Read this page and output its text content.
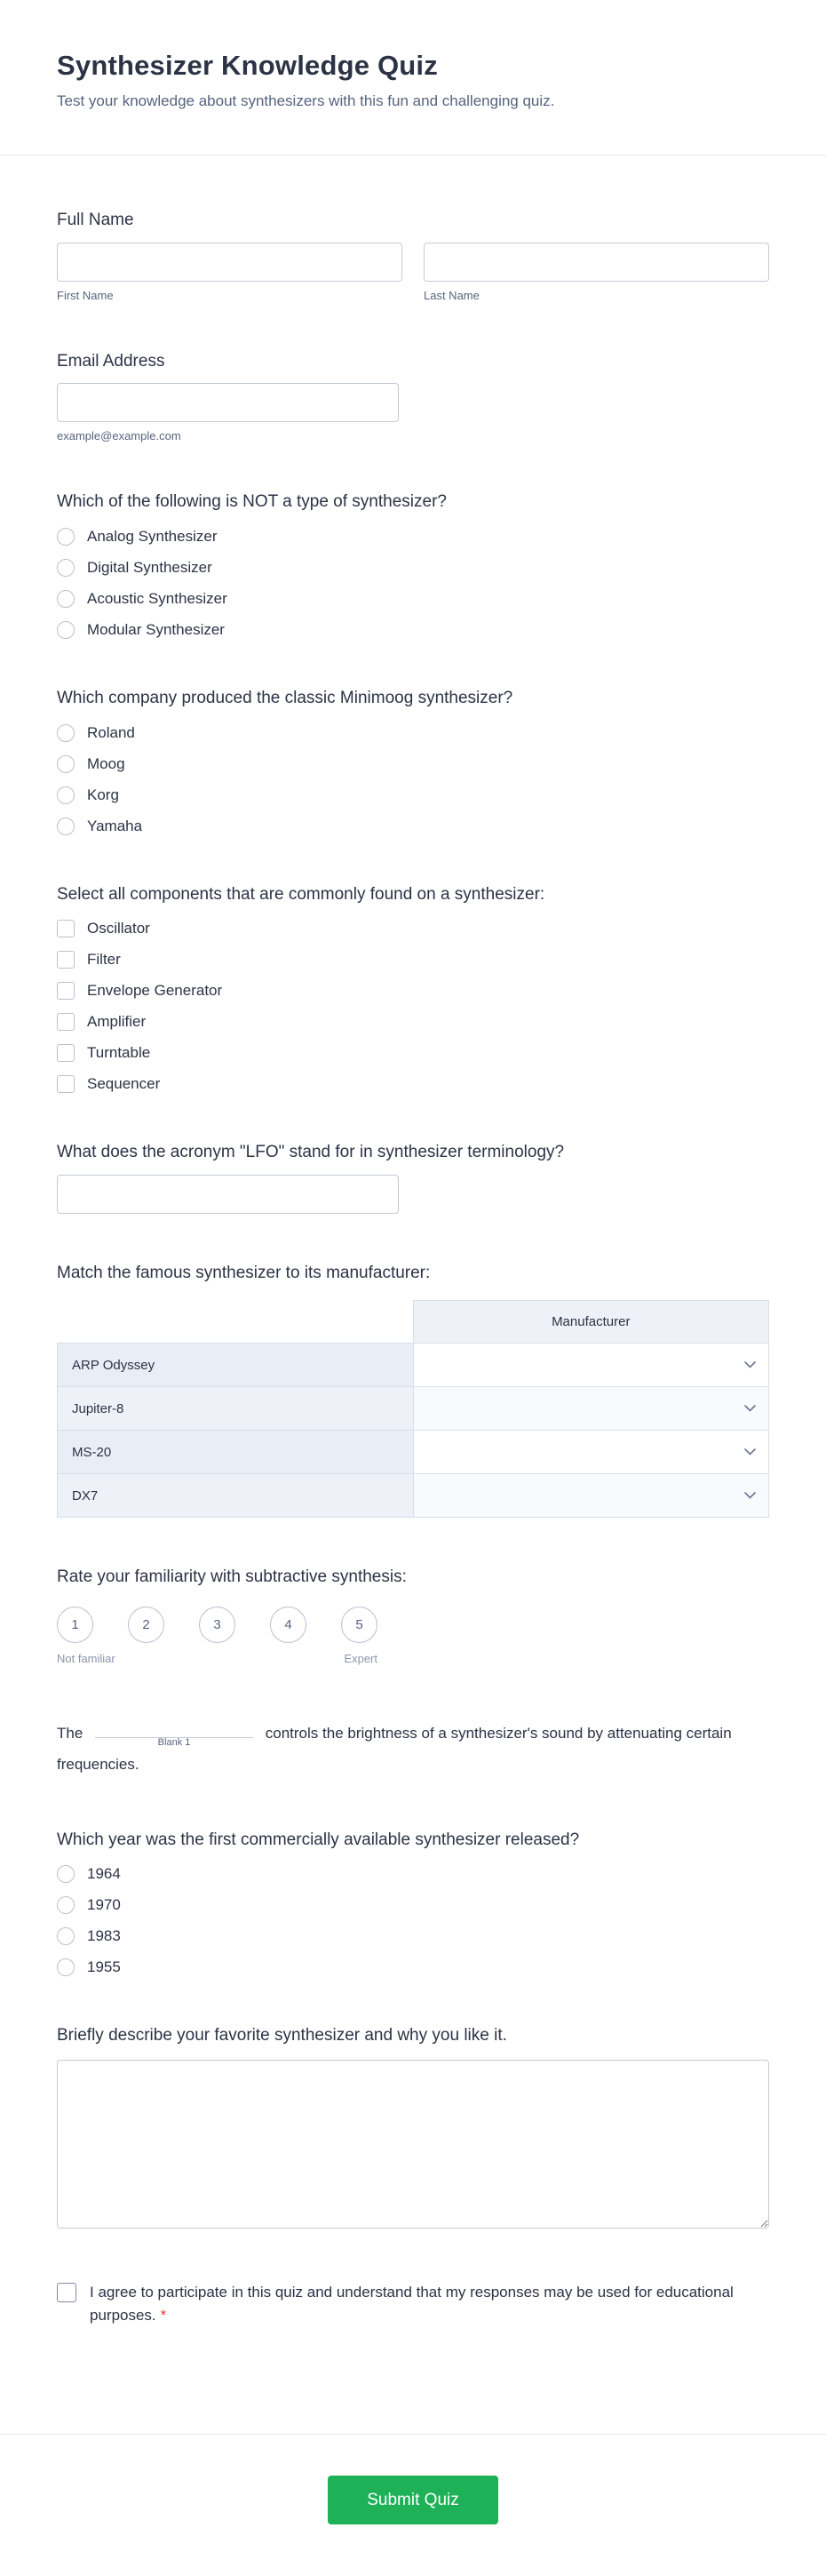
Synthesizer Knowledge Quiz

Test your knowledge about synthesizers with this fun and challenging quiz.

Full Name
First Name	Last Name
Email Address
example@example.com
Which of the following is NOT a type of synthesizer?
Analog Synthesizer
Digital Synthesizer
Acoustic Synthesizer
Modular Synthesizer
Which company produced the classic Minimoog synthesizer?
Roland
Moog
Korg
Yamaha
Select all components that are commonly found on a synthesizer:
Oscillator
Filter
Envelope Generator
Amplifier
Turntable
Sequencer
What does the acronym "LFO" stand for in synthesizer terminology?
Match the famous synthesizer to its manufacturer:
	Manufacturer
ARP Odyssey	

Jupiter-8	

MS-20	

DX7	
Rate your familiarity with subtractive synthesis:
1	2	3	4	5
Not familiar	Expert

The
Blank 1
controls the brightness of a synthesizer's sound by attenuating certain frequencies.

Which year was the first commercially available synthesizer released?
1964
1970
1983
1955
Briefly describe your favorite synthesizer and why you like it.
I agree to participate in this quiz and understand that my responses may be used for educational purposes. *
Submit Quiz
